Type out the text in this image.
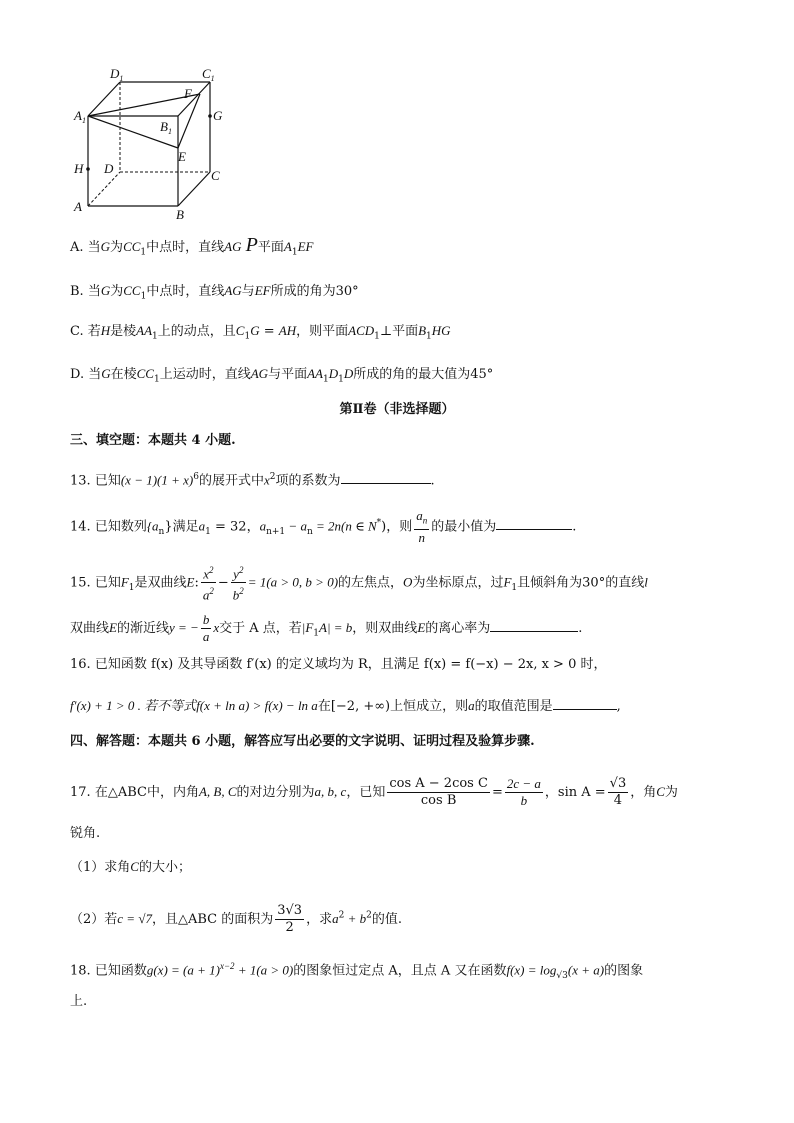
$D_1$	$C_1$
$A_1$	$B_1$
F
G
E
H D	C
A
B
A. 当G为$CC_1$中点时，直线AG P平面$A_1EF$
B. 当G为$CC_1$中点时，直线AG与EF所成的角为30°
C. 若H是棱$AA_1$上的动点，且$C_1G$ = AH，则平面$ACD_1\perp$平面$B_1HG$
D. 当G在棱$CC_1$上运动时，直线AG与平面$AA_1D_1D$所成的角的最大值为45°
第Ⅱ卷（非选择题）
三、填空题：本题共 4 小题.
13. 已知$(x - 1)(1 + x)^6$的展开式中$x^2$项的系数为	.
14. 已知数列$\{a_n\}$满足$a_1 = 32$，$a_{n+1} - a_n = 2n(n$ ∈ N*)，则 $\frac{a_n}{n}$ 的最小值为	.
15. 已知$F_1$是双曲线E: $\frac{x^2}{a^2} - \frac{y^2}{b^2} = 1(a > 0$, b > 0)的左焦点，O为坐标原点，过$F_1$且倾斜角为30°的直线l
双曲线E的渐近线y = − $\frac{b}{a}$ x交于 A 点，若$|F_1A| = b$，则双曲线E的离心率为	.
16. 已知函数 f(x) 及其导函数 f′(x) 的定义域均为 R，且满足 f(x) = f(−x) − 2x, x > 0 时，
f′(x) + 1 > 0 . 若不等式f(x + ln a) > f(x) − ln a在[−2, +∞)上恒成立，则a的取值范围是	,
四、解答题：本题共 6 小题，解答应写出必要的文字说明、证明过程及验算步骤.
17. 在△ABC中，内角A, B, C的对边分别为a, b, c，已知 $\frac{\text{cos A − 2cos C}}{\text{cos B}} = \frac{2c - a}{b}$ ，$\sin A = \frac{√3}{4}$ ，角C为
锐角.
（1）求角C的大小；
（2）若c = √7，且△ABC 的面积为 $\frac{3√3}{2}$ ，求$a^2 + b^2$的值.
18. 已知函数$g(x) = (a + 1)^{x-2} + 1(a > 0)$的图象恒过定点 A，且点 A 又在函数$f(x) = \log_{√3}(x + a)$的图象
上.
